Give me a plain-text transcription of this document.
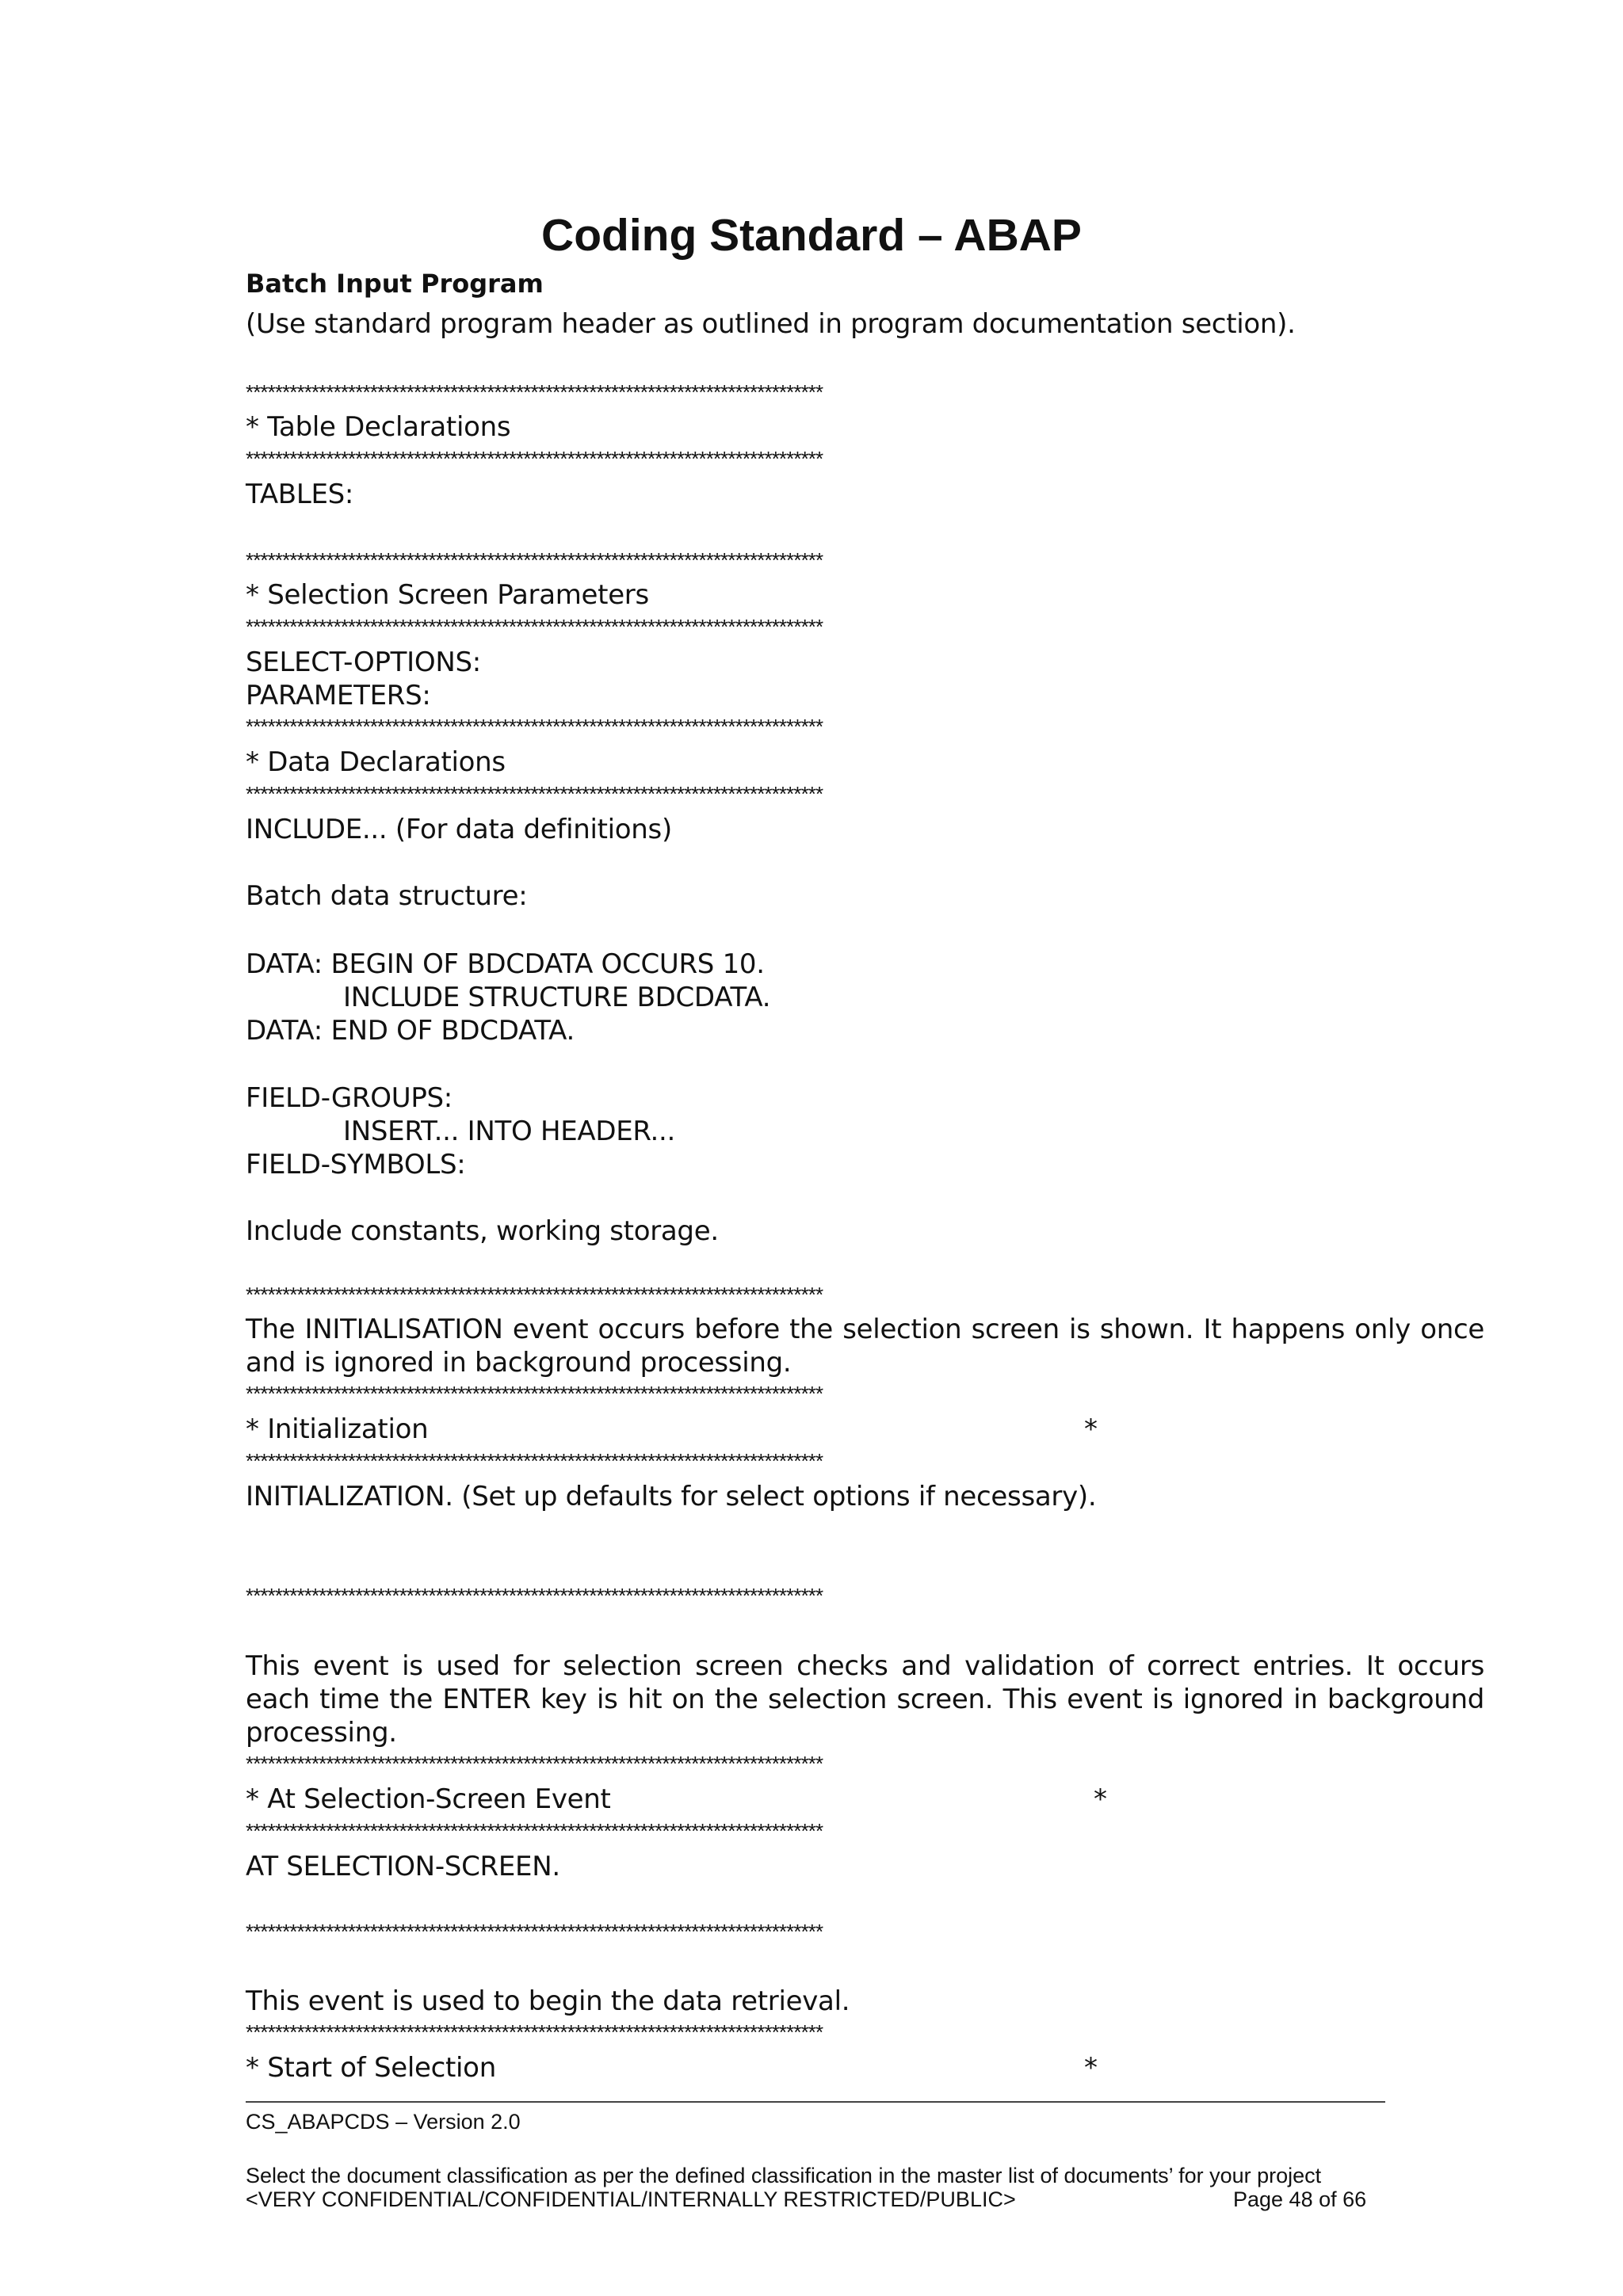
Coding Standard – ABAP
Batch Input Program
(Use standard program header as outlined in program documentation section).
*******************************************************************************
* Table Declarations
*******************************************************************************
TABLES:
*******************************************************************************
* Selection Screen Parameters
*******************************************************************************
SELECT-OPTIONS:
PARAMETERS:
*******************************************************************************
* Data Declarations
*******************************************************************************
INCLUDE... (For data definitions)
Batch data structure:
DATA: BEGIN OF BDCDATA OCCURS 10.
INCLUDE STRUCTURE BDCDATA.
DATA: END OF BDCDATA.
FIELD-GROUPS:
INSERT... INTO HEADER...
FIELD-SYMBOLS:
Include constants, working storage.
*******************************************************************************
The INITIALISATION event occurs before the selection screen is shown. It happens only once and is ignored in background processing.
*******************************************************************************
* Initialization	*
*******************************************************************************
INITIALIZATION. (Set up defaults for select options if necessary).
*******************************************************************************
This event is used for selection screen checks and validation of correct entries. It occurs each time the ENTER key is hit on the selection screen. This event is ignored in background processing.
*******************************************************************************
* At Selection-Screen Event	*
*******************************************************************************
AT SELECTION-SCREEN.
*******************************************************************************
This event is used to begin the data retrieval.
*******************************************************************************
* Start of Selection	*
CS_ABAPCDS – Version 2.0
Select the document classification as per the defined classification in the master list of documents’ for your project
<VERY CONFIDENTIAL/CONFIDENTIAL/INTERNALLY RESTRICTED/PUBLIC>	Page 48 of 66
